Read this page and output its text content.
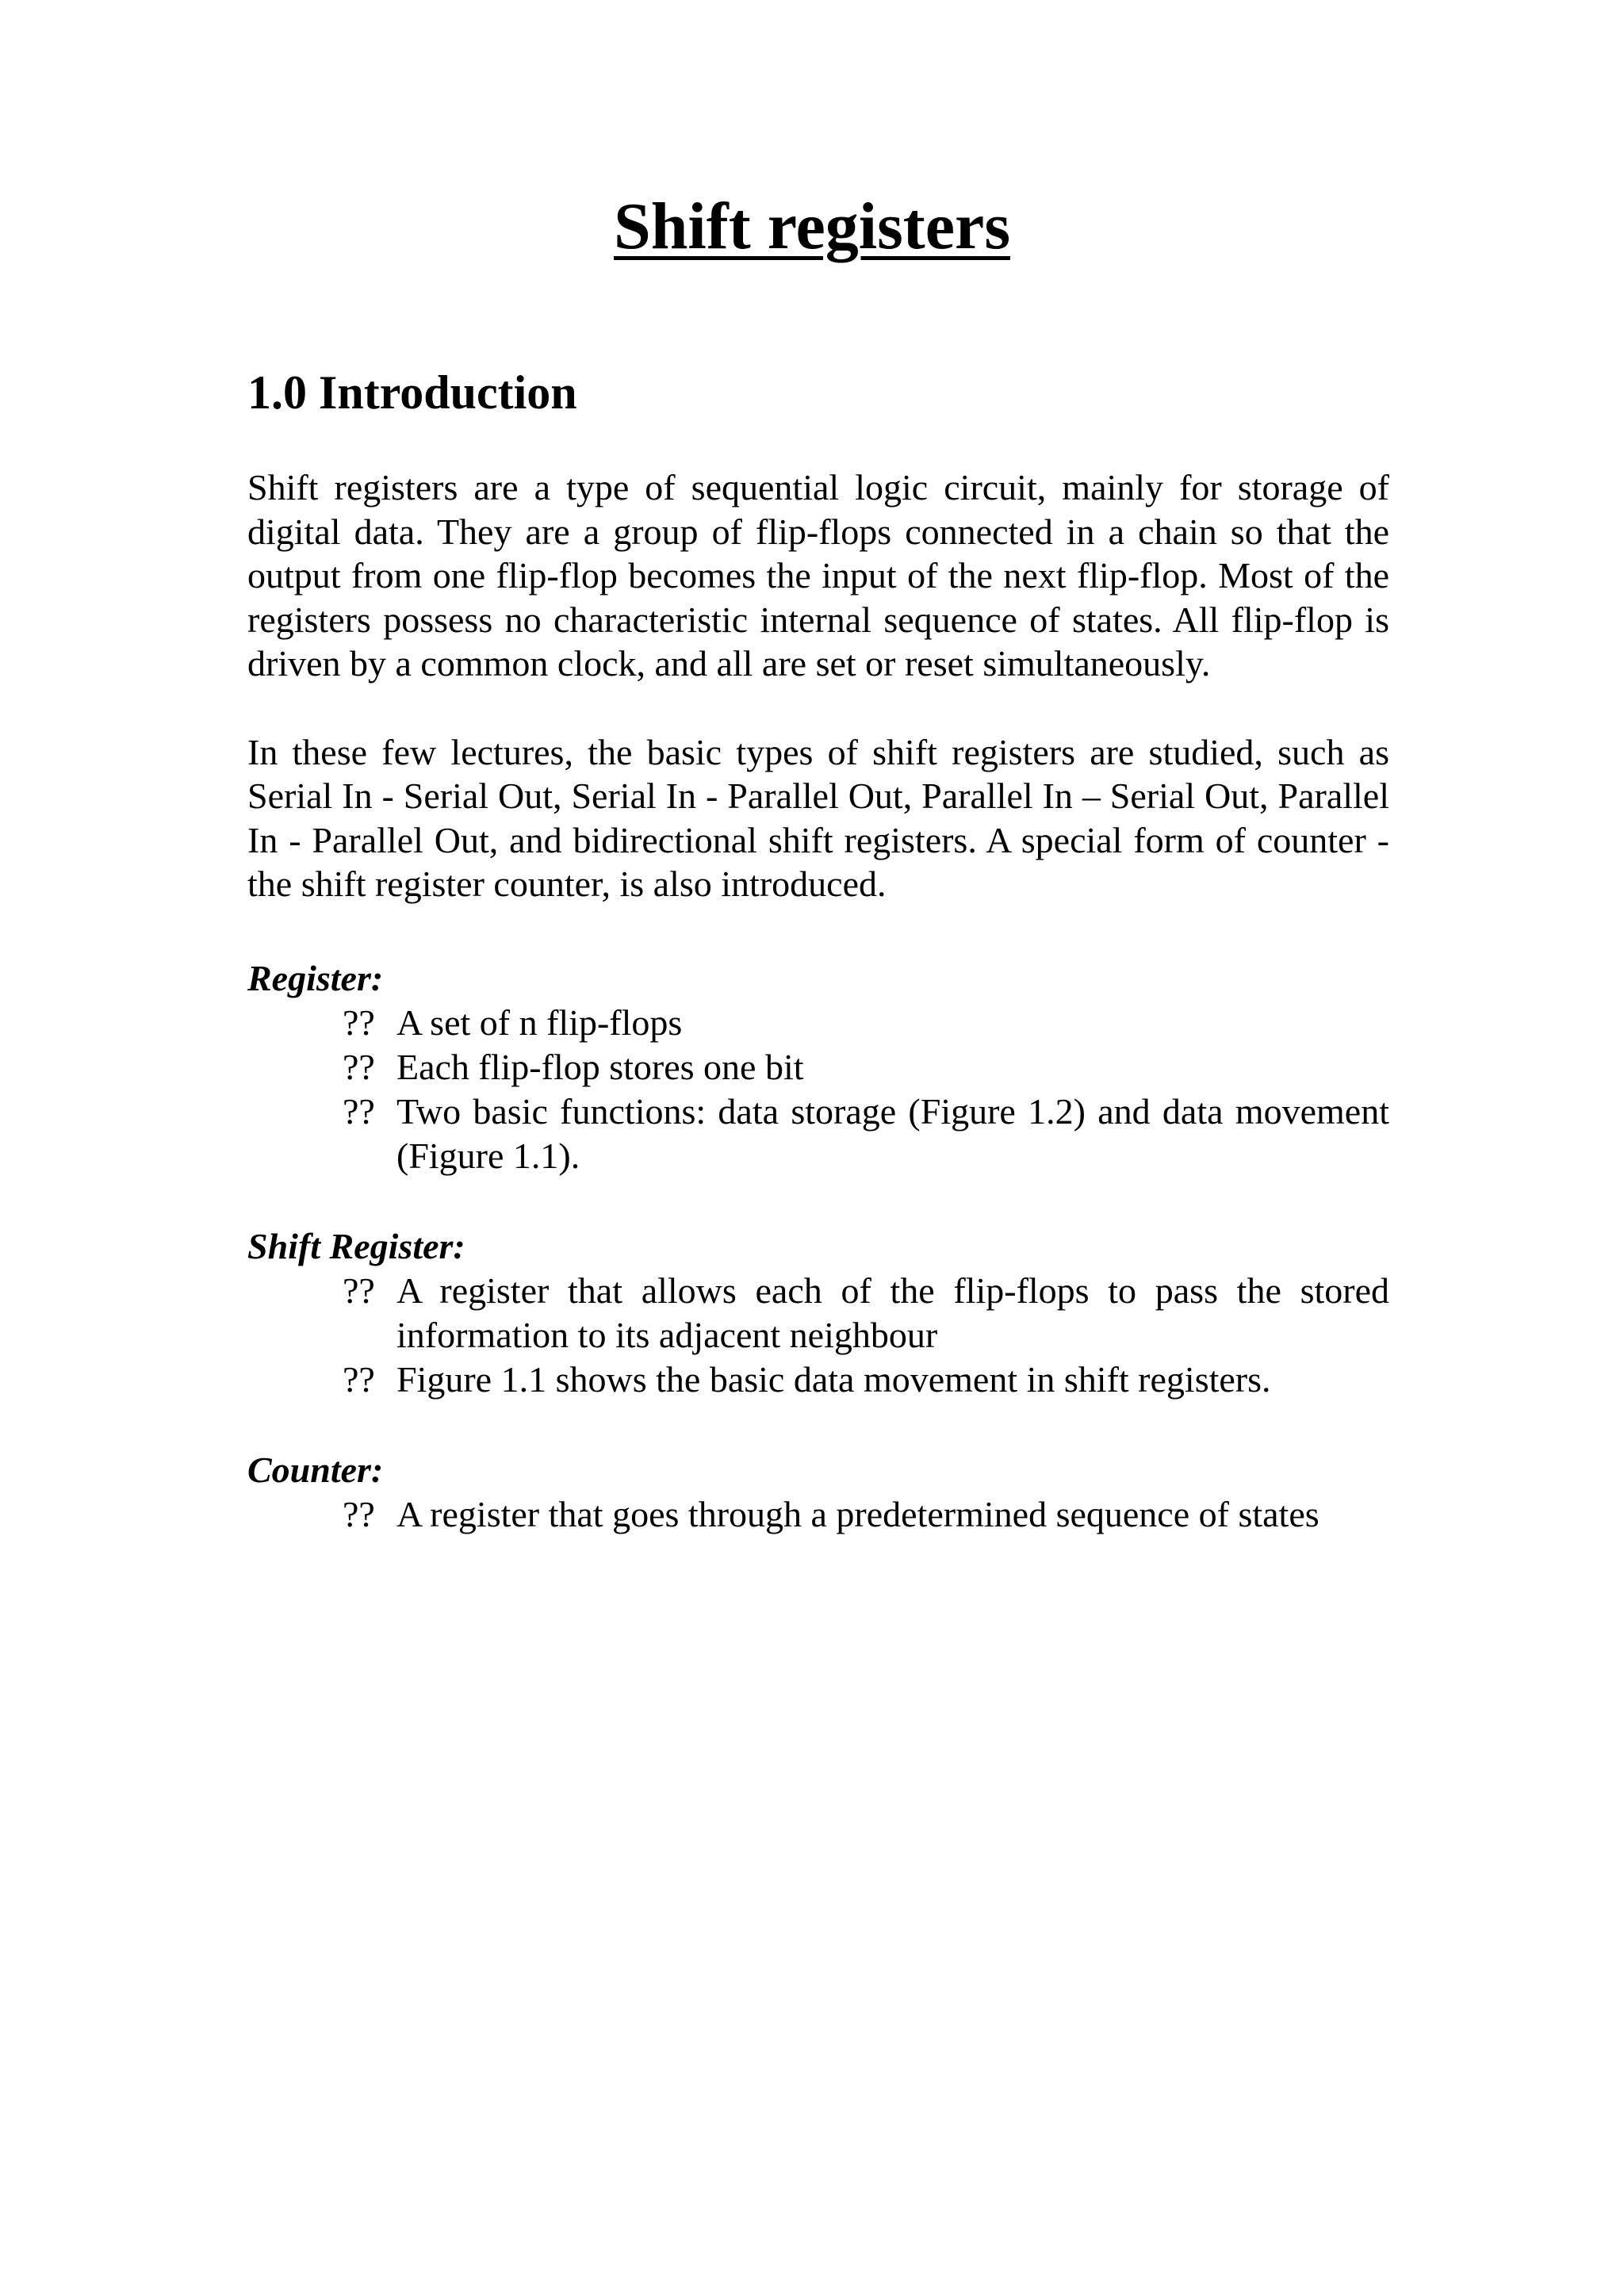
Shift registers
1.0 Introduction

Shift registers are a type of sequential logic circuit, mainly for storage of digital data. They are a group of flip-flops connected in a chain so that the output from one flip-flop becomes the input of the next flip-flop. Most of the registers possess no characteristic internal sequence of states. All flip-flop is driven by a common clock, and all are set or reset simultaneously.

In these few lectures, the basic types of shift registers are studied, such as Serial In - Serial Out, Serial In - Parallel Out, Parallel In – Serial Out, Parallel In - Parallel Out, and bidirectional shift registers. A special form of counter - the shift register counter, is also introduced.

Register:
?? A set of n flip-flops
?? Each flip-flop stores one bit
?? Two basic functions: data storage (Figure 1.2) and data movement (Figure 1.1).
Shift Register:
?? A register that allows each of the flip-flops to pass the stored information to its adjacent neighbour
?? Figure 1.1 shows the basic data movement in shift registers.
Counter:
?? A register that goes through a predetermined sequence of states
